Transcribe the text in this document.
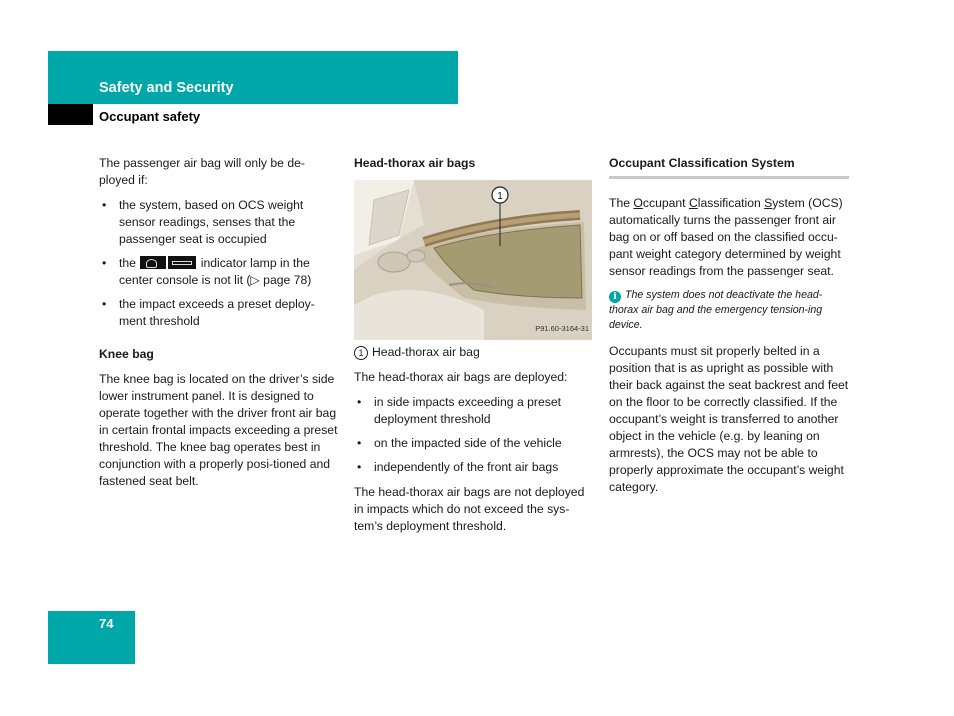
Safety and Security
Occupant safety

The passenger air bag will only be de-ployed if:

• the system, based on OCS weight sensor readings, senses that the passenger seat is occupied
• the	indicator lamp in the center console is not lit (▷ page 78)
• the impact exceeds a preset deploy-ment threshold
Knee bag

The knee bag is located on the driver’s side lower instrument panel. It is designed to operate together with the driver front air bag in certain frontal impacts exceeding a preset threshold. The knee bag operates best in conjunction with a properly posi-tioned and fastened seat belt.

Head-thorax air bags
1
P91.60-3164-31

1 Head-thorax air bag

The head-thorax air bags are deployed:

• in side impacts exceeding a preset deployment threshold
• on the impacted side of the vehicle
• independently of the front air bags

The head-thorax air bags are not deployed in impacts which do not exceed the sys-tem’s deployment threshold.

Occupant Classification System

The Occupant Classification System (OCS) automatically turns the passenger front air bag on or off based on the classified occu-pant weight category determined by weight sensor readings from the passenger seat.

i The system does not deactivate the head-thorax air bag and the emergency tension-ing device.

Occupants must sit properly belted in a position that is as upright as possible with their back against the seat backrest and feet on the floor to be correctly classified. If the occupant’s weight is transferred to another object in the vehicle (e.g. by leaning on armrests), the OCS may not be able to properly approximate the occupant’s weight category.

74
